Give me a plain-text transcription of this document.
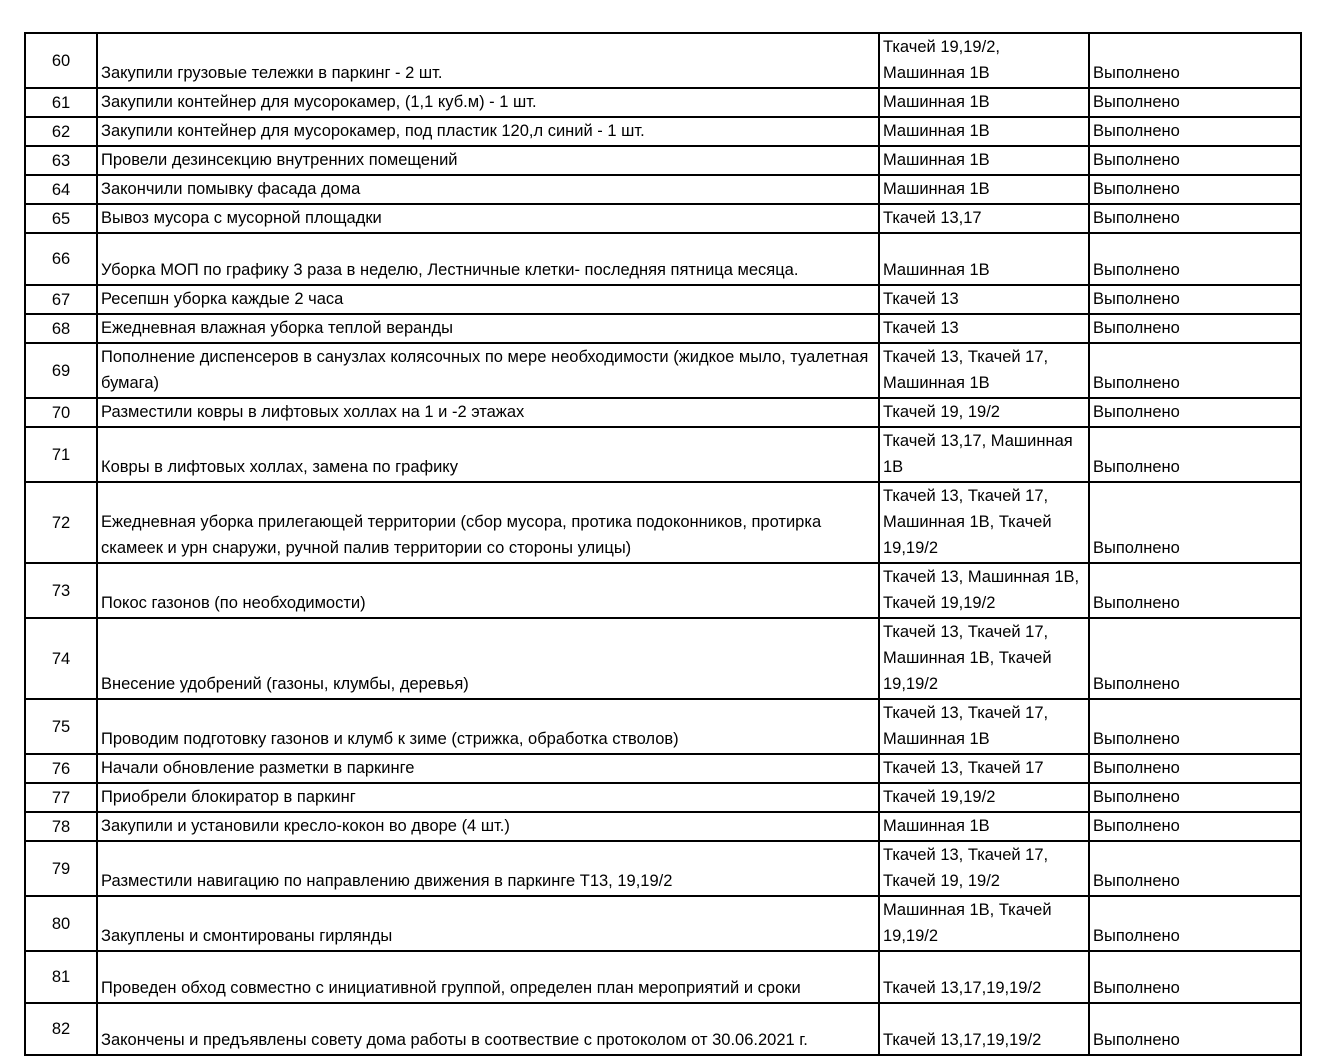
60	Закупили грузовые тележки в паркинг - 2 шт.	Ткачей 19,19/2, Машинная 1В	Выполнено
61	Закупили контейнер для мусорокамер, (1,1 куб.м) - 1 шт.	Машинная 1В	Выполнено
62	Закупили контейнер для мусорокамер, под пластик 120,л синий - 1 шт.	Машинная 1В	Выполнено
63	Провели дезинсекцию внутренних помещений	Машинная 1В	Выполнено
64	Закончили помывку фасада дома	Машинная 1В	Выполнено
65	Вывоз мусора с мусорной площадки	Ткачей 13,17	Выполнено
66	Уборка МОП по графику 3 раза в неделю, Лестничные клетки- последняя пятница месяца.	Машинная 1В	Выполнено
67	Ресепшн уборка каждые 2 часа	Ткачей 13	Выполнено
68	Ежедневная влажная уборка теплой веранды	Ткачей 13	Выполнено
69	Пополнение диспенсеров в санузлах колясочных по мере необходимости (жидкое мыло, туалетная бумага)	Ткачей 13, Ткачей 17, Машинная 1В	Выполнено
70	Разместили ковры в лифтовых холлах на 1 и -2 этажах	Ткачей 19, 19/2	Выполнено
71	Ковры в лифтовых холлах, замена по графику	Ткачей 13,17, Машинная 1В	Выполнено
72	Ежедневная уборка прилегающей территории (сбор мусора, протика подоконников, протирка скамеек и урн снаружи, ручной палив территории со стороны улицы)	Ткачей 13, Ткачей 17, Машинная 1В, Ткачей 19,19/2	Выполнено
73	Покос газонов (по необходимости)	Ткачей 13, Машинная 1В, Ткачей 19,19/2	Выполнено
74	Внесение удобрений (газоны, клумбы, деревья)	Ткачей 13, Ткачей 17, Машинная 1В, Ткачей 19,19/2	Выполнено
75	Проводим подготовку газонов и клумб к зиме (стрижка, обработка стволов)	Ткачей 13, Ткачей 17, Машинная 1В	Выполнено
76	Начали обновление разметки в паркинге	Ткачей 13, Ткачей 17	Выполнено
77	Приобрели блокиратор в паркинг	Ткачей 19,19/2	Выполнено
78	Закупили и установили кресло-кокон во дворе (4 шт.)	Машинная 1В	Выполнено
79	Разместили навигацию по направлению движения в паркинге Т13, 19,19/2	Ткачей 13, Ткачей 17, Ткачей 19, 19/2	Выполнено
80	Закуплены и смонтированы гирлянды	Машинная 1В, Ткачей 19,19/2	Выполнено
81	Проведен обход совместно с инициативной группой, определен план мероприятий и сроки	Ткачей 13,17,19,19/2	Выполнено
82	Закончены и предъявлены совету дома работы в соотвествие с протоколом от 30.06.2021 г.	Ткачей 13,17,19,19/2	Выполнено
